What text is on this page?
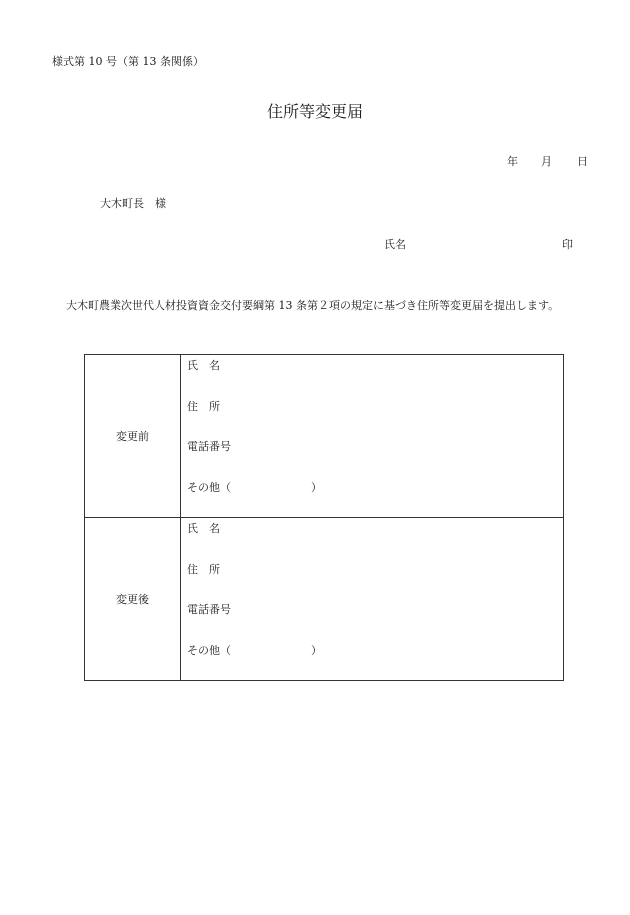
様式第 10 号（第 13 条関係）
住所等変更届
年 月 日
大木町長　様
氏名	印
大木町農業次世代人材投資資金交付要綱第 13 条第２項の規定に基づき住所等変更届を提出します。
変更前	氏　名
住　所
電話番号
その他（ ）

変更後	氏　名
住　所
電話番号
その他（ ）
